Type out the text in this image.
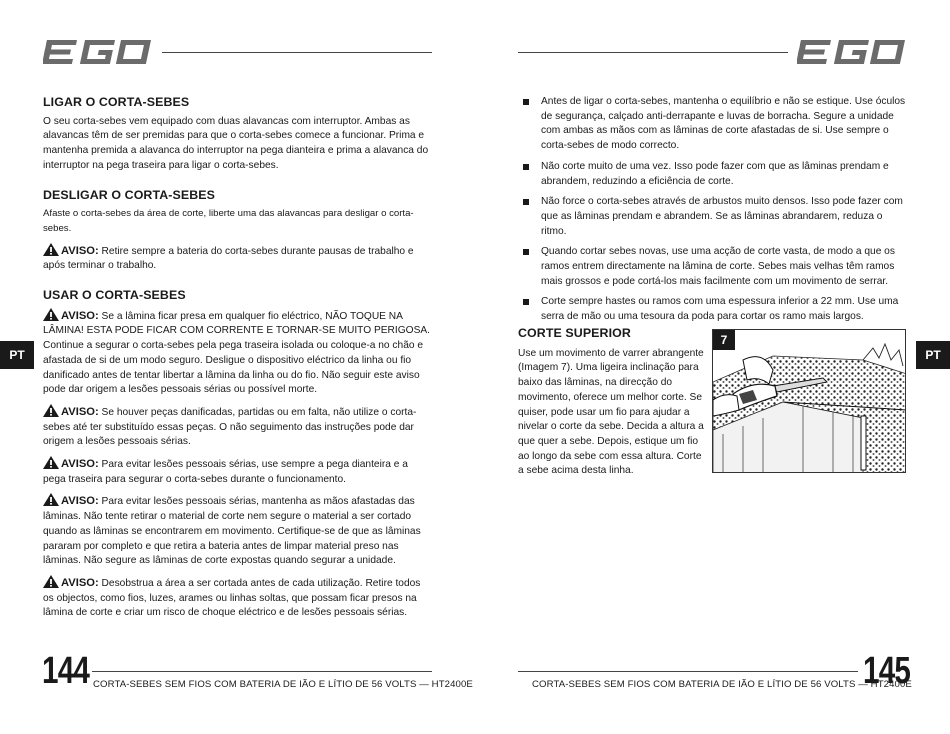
LIGAR O CORTA-SEBES

O seu corta-sebes vem equipado com duas alavancas com interruptor. Ambas as alavancas têm de ser premidas para que o corta-sebes comece a funcionar. Prima e mantenha premida a alavanca do interruptor na pega dianteira e prima a alavanca do interruptor na pega traseira para ligar o corta-sebes.

DESLIGAR O CORTA-SEBES

Afaste o corta-sebes da área de corte, liberte uma das alavancas para desligar o corta-sebes.

AVISO: Retire sempre a bateria do corta-sebes durante pausas de trabalho e após terminar o trabalho.

USAR O CORTA-SEBES

AVISO: Se a lâmina ficar presa em qualquer fio eléctrico, NÃO TOQUE NA LÂMINA! ESTA PODE FICAR COM CORRENTE E TORNAR-SE MUITO PERIGOSA. Continue a segurar o corta-sebes pela pega traseira isolada ou coloque-a no chão e afastada de si de um modo seguro. Desligue o dispositivo eléctrico da linha ou fio danificado antes de tentar libertar a lâmina da linha ou do fio. Não seguir este aviso pode dar origem a lesões pessoais sérias ou possível morte.

AVISO: Se houver peças danificadas, partidas ou em falta, não utilize o corta-sebes até ter substituído essas peças. O não seguimento das instruções pode dar origem a lesões pessoais sérias.

AVISO: Para evitar lesões pessoais sérias, use sempre a pega dianteira e a pega traseira para segurar o corta-sebes durante o funcionamento.

AVISO: Para evitar lesões pessoais sérias, mantenha as mãos afastadas das lâminas. Não tente retirar o material de corte nem segure o material a ser cortado quando as lâminas se encontrarem em movimento. Certifique-se de que as lâminas pararam por completo e que retira a bateria antes de limpar material preso nas lâminas. Não segure as lâminas de corte expostas quando segurar a unidade.

AVISO: Desobstrua a área a ser cortada antes de cada utilização. Retire todos os objectos, como fios, luzes, arames ou linhas soltas, que possam ficar presos na lâmina de corte e criar um risco de choque eléctrico e de lesões pessoais sérias.

PT
144 CORTA-SEBES SEM FIOS COM BATERIA DE IÃO E LÍTIO DE 56 VOLTS — HT2400E
Antes de ligar o corta-sebes, mantenha o equilíbrio e não se estique. Use óculos de segurança, calçado anti-derrapante e luvas de borracha. Segure a unidade com ambas as mãos com as lâminas de corte afastadas de si. Use sempre o corta-sebes de modo correcto.
Não corte muito de uma vez. Isso pode fazer com que as lâminas prendam e abrandem, reduzindo a eficiência de corte.
Não force o corta-sebes através de arbustos muito densos. Isso pode fazer com que as lâminas prendam e abrandem. Se as lâminas abrandarem, reduza o ritmo.
Quando cortar sebes novas, use uma acção de corte vasta, de modo a que os ramos entrem directamente na lâmina de corte. Sebes mais velhas têm ramos mais grossos e pode cortá-los mais facilmente com um movimento de serrar.
Corte sempre hastes ou ramos com uma espessura inferior a 22 mm. Use uma serra de mão ou uma tesoura da poda para cortar os ramo mais largos.
CORTE SUPERIOR

Use um movimento de varrer abrangente (Imagem 7). Uma ligeira inclinação para baixo das lâminas, na direcção do movimento, oferece um melhor corte. Se quiser, pode usar um fio para ajudar a nivelar o corte da sebe. Decida a altura a que quer a sebe. Depois, estique um fio ao longo da sebe com essa altura. Corte a sebe acima desta linha.

7
PT
CORTA-SEBES SEM FIOS COM BATERIA DE IÃO E LÍTIO DE 56 VOLTS — HT2400E
145
